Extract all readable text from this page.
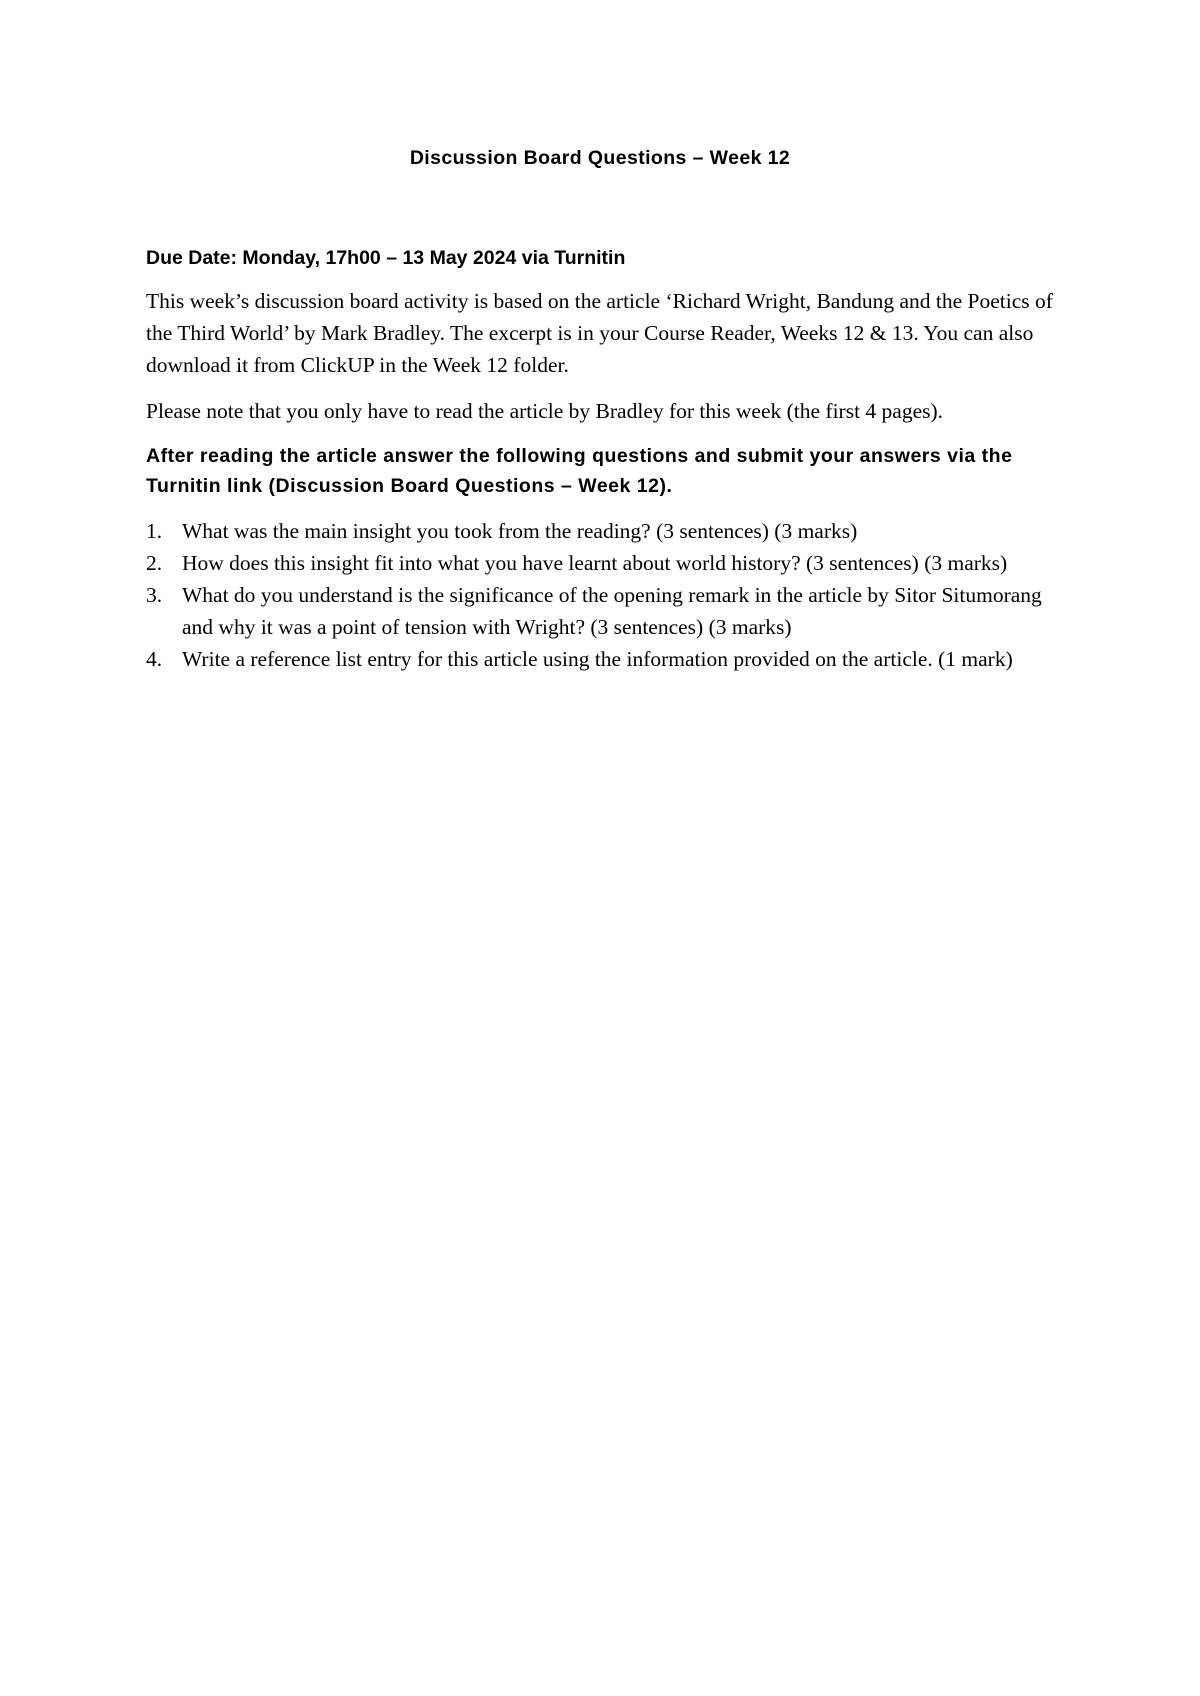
Discussion Board Questions – Week 12

Due Date: Monday, 17h00 – 13 May 2024 via Turnitin

This week’s discussion board activity is based on the article ‘Richard Wright, Bandung and the Poetics of the Third World’ by Mark Bradley. The excerpt is in your Course Reader, Weeks 12 & 13. You can also download it from ClickUP in the Week 12 folder.

Please note that you only have to read the article by Bradley for this week (the first 4 pages).

After reading the article answer the following questions and submit your answers via the Turnitin link (Discussion Board Questions – Week 12).

1. What was the main insight you took from the reading? (3 sentences) (3 marks)
2. How does this insight fit into what you have learnt about world history? (3 sentences) (3 marks)
3. What do you understand is the significance of the opening remark in the article by Sitor Situmorang and why it was a point of tension with Wright? (3 sentences) (3 marks)
4. Write a reference list entry for this article using the information provided on the article. (1 mark)
